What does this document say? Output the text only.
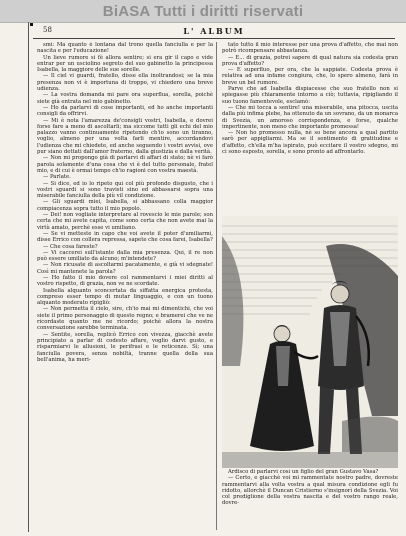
BiASA Tutti i diritti riservati
58	L' ALBUM

smi: Ma quanto è lontana dal trono quella fanciulla e per la nascita e per l'educazione!

Un lieve rumore si fè allora sentire; si era gir il capo e vide entrar per un usciolino segreto del suo gabinetto la principessa Isabella, la maggiore delle sue sorelle.

— Il ciel vi guardi, fratello, disse ella inoltrandosi; se la mia presenza non vi è importuna di troppo, vi chiedero una breve udienza.

— La vostra domanda mi pare ora superflua, sorella, poichè siete già entrata nel mio gabinetto.

— Ho da parlarvi di cose importanti, ed ho anche importanti consigli da offrirvi.

— Mi è nota l'amarezza de'consigli vostri, Isabella, e dovrei forse fare a meno di ascoltarli; ma siccome tutti gli echi del mio palazzo vanno continuamente ripetendo ch'io sono un tiranno, voglio, almeno per una volta farli mentire, accordandovi l'udienza che mi chiedete, ed anche seguendo i vostri avvisi, ove pur siano dettati dall'amor fraterno, dalla giustizia e dalla verità.

— Non mi propongo già di parlarvi di affari di stato; nè vi farò parola solamente d'una cosa che vi è del tutto personale, fratel mio, e di cui è ormai tempo ch'io ragioni con vostra maestà.

— Parlate.

— Si dice, ed io lo ripeto qui col più profondo disgusto, che i vostri sguardi si sono travisti sino ed abbassarsi sopra una miserabile fanciulla della più vil condizione.

— Gli sguardi miei, Isabella, si abbassano colla maggior compiacenza sopra tutto il mio popolo.

— Dei! non vogliate interpretare al rovescio le mie parole; son certa che mi avete capita, come sono certa che non avete mai la virtù amato, perchè esse vi umiliano.

— Se vi metteste in capo che voi avete il poter d'umiliarmi, disse Errico con collera repressa, sapete che cosa farei, Isabella?

— Che cosa fareste?

— Vi caccerei sull'istante dalla mia presenza. Qui, il re non può essere umiliato da alcuno; m'intendete?

— Non ricusate di ascoltarmi pacatamente, e già vi sdegnate! Così mi mantenete la parola?

— Ho fatto il mio dovere col rammentarvi i miei diritti al vostro rispetto, di grazia, non ve ne scordate.

Isabella alquanto sconcertata da siffatta energica protesta, compreso esser tempo di mutar linguaggio, e con un tuono alquanto moderato ripigliò:

— Non permetta il cielo, sire, ch'io mai mi dimentichi, che voi siete il primo personaggio di questo regno; e bramerei che ve ne ricordaste quanto me ne ricordo; poichè allora la nostra conversazione sarebbe terminata.

— Sentite, sorella, replicò Errico con vivezza, giacchè avete principiato a parlar di codesto affare, voglio darvi gusto, e risparmiarvi le allusioni, le perifrasi e le reticenze. Sì; una fanciulla povera, senza nobiltà, tranne quella della sua bell'anima, ha meri-

tato tutto il mio interesse per una prova d'affetto, che mai non potrò ricompensare abbastanza.

— E... di grazia, potrei sapere di qual natura sia codesta gran prova d'affetto?

— E superfluo, per ora, che la sappiate. Codesta prova è relativa ad una infame congiura, che, lo spero almeno, farà in breve un bel rumore.

Parve che ad Isabella dispiacesse che suo fratello non si spiegasse più chiaramente intorno a ciò; tuttavia, ripigliando il suo tuono famentevole, esclamò:

— Che mi tocca a sentire! una miserabile, una pitocca, uscita dalla più infima plebe, ha ottenuto da un sovrano, da un monarca di Svezia, un amoroso corrispondenza, e forse, qualche impertinente, non meno che importante promessa!

— Non ho promesso nulla, nè so bene ancora a qual partito sarò per appigliarmi. Ma se il sentimento di gratitudine e d'affetto, ch'ella m'ha ispirato, può eccitare il vostro sdegno, mi ci sono esposto, sorella, e sono pronto ad affrontarlo.

Ardisco di parlarvi così un figlio del gran Gustavo Vasa?

— Certo, e giacchè voi mi rammentate nostro padre, dovreste rammentarvi alla volta vostra a qual misura condizione egli fu ridotto, allorchè il Duncan Cristierno s'insignorì della Svezia. Voi col prediglione della vostra nascita e del vostro rango reale, dovre-
